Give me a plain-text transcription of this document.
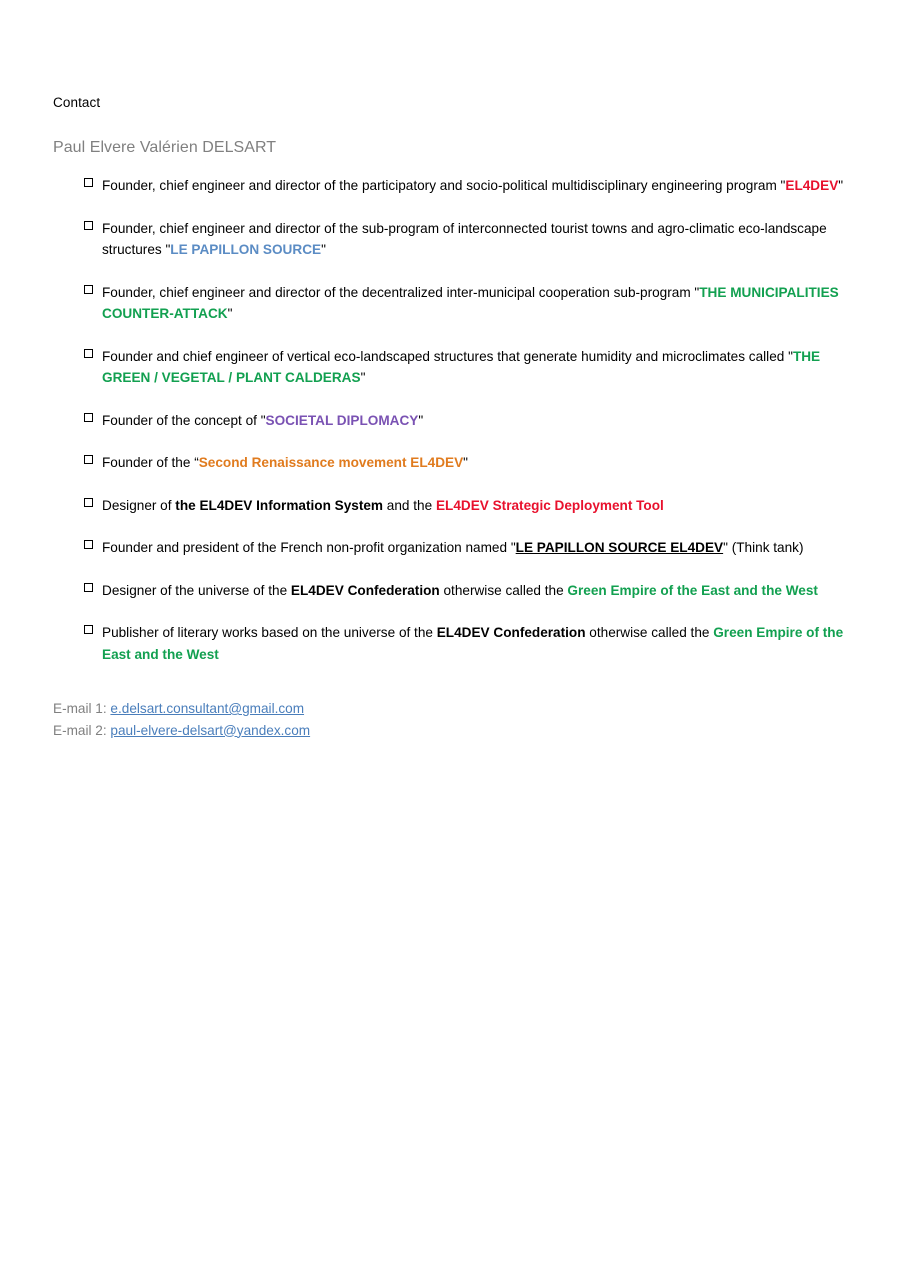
Contact
Paul Elvere Valérien DELSART
Founder, chief engineer and director of the participatory and socio-political multidisciplinary engineering program "EL4DEV"
Founder, chief engineer and director of the sub-program of interconnected tourist towns and agro-climatic eco-landscape structures "LE PAPILLON SOURCE"
Founder, chief engineer and director of the decentralized inter-municipal cooperation sub-program "THE MUNICIPALITIES COUNTER-ATTACK"
Founder and chief engineer of vertical eco-landscaped structures that generate humidity and microclimates called "THE GREEN / VEGETAL / PLANT CALDERAS"
Founder of the concept of "SOCIETAL DIPLOMACY"
Founder of the “Second Renaissance movement EL4DEV"
Designer of the EL4DEV Information System and the EL4DEV Strategic Deployment Tool
Founder and president of the French non-profit organization named "LE PAPILLON SOURCE EL4DEV" (Think tank)
Designer of the universe of the EL4DEV Confederation otherwise called the Green Empire of the East and the West
Publisher of literary works based on the universe of the EL4DEV Confederation otherwise called the Green Empire of the East and the West
E-mail 1: e.delsart.consultant@gmail.com
E-mail 2: paul-elvere-delsart@yandex.com
